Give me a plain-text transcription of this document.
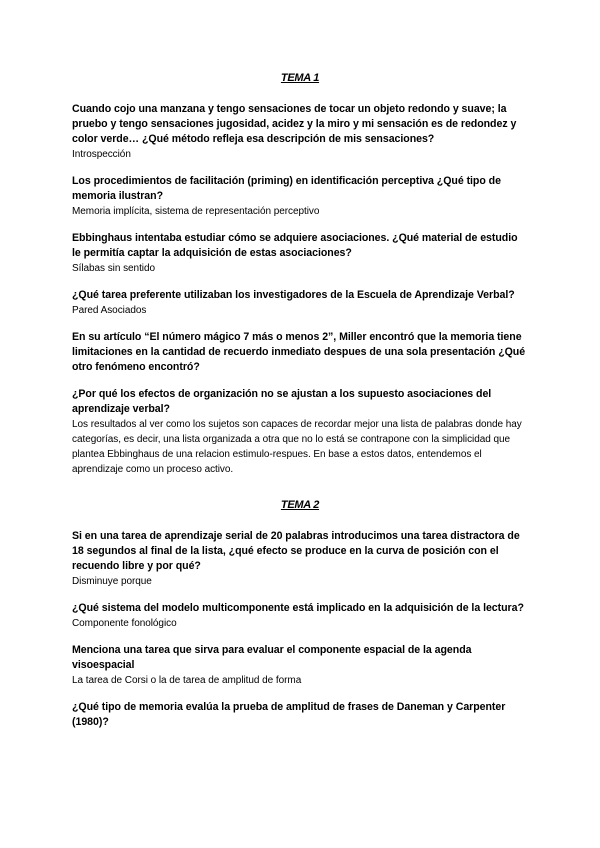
TEMA 1
Cuando cojo una manzana y tengo sensaciones de tocar un objeto redondo y suave; la pruebo y tengo sensaciones jugosidad, acidez y la miro y mi sensación es de redondez y color verde… ¿Qué método refleja esa descripción de mis sensaciones?
Introspección
Los procedimientos de facilitación (priming) en identificación perceptiva ¿Qué tipo de memoria ilustran?
Memoria implícita, sistema de representación perceptivo
Ebbinghaus intentaba estudiar cómo se adquiere asociaciones. ¿Qué material de estudio le permitía captar la adquisición de estas asociaciones?
Sílabas sin sentido
¿Qué tarea preferente utilizaban los investigadores de la Escuela de Aprendizaje Verbal?
Pared Asociados
En su artículo “El número mágico 7 más o menos 2”, Miller encontró que la memoria tiene limitaciones en la cantidad de recuerdo inmediato despues de una sola presentación ¿Qué otro fenómeno encontró?
¿Por qué los efectos de organización no se ajustan a los supuesto asociaciones del aprendizaje verbal?
Los resultados al ver como los sujetos son capaces de recordar mejor una lista de palabras donde hay categorías, es decir, una lista organizada a otra que no lo está se contrapone con la simplicidad que plantea Ebbinghaus de una relacion estimulo-respues. En base a estos datos, entendemos el aprendizaje como un proceso activo.
TEMA 2
Si en una tarea de aprendizaje serial de 20 palabras introducimos una tarea distractora de 18 segundos al final de la lista, ¿qué efecto se produce en la curva de posición con el recuendo libre y por qué?
Disminuye porque
¿Qué sistema del modelo multicomponente está implicado en la adquisición de la lectura?
Componente fonológico
Menciona una tarea que sirva para evaluar el componente espacial de la agenda visoespacial
La tarea de Corsi o la de tarea de amplitud de forma
¿Qué tipo de memoria evalúa la prueba de amplitud de frases de Daneman y Carpenter (1980)?
